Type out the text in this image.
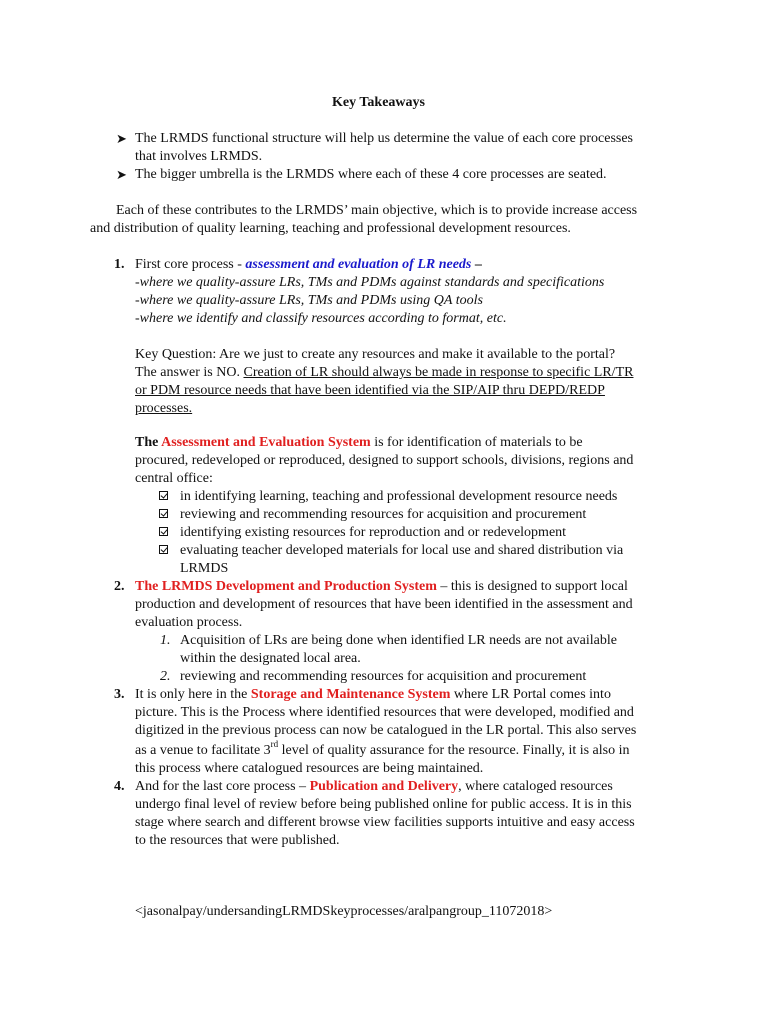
Key Takeaways
➤ The LRMDS functional structure will help us determine the value of each core processes
that involves LRMDS.
➤ The bigger umbrella is the LRMDS where each of these 4 core processes are seated.
Each of these contributes to the LRMDS’ main objective, which is to provide increase access
and distribution of quality learning, teaching and professional development resources.
1. First core process - assessment and evaluation of LR needs –
-where we quality-assure LRs, TMs and PDMs against standards and specifications
-where we quality-assure LRs, TMs and PDMs using QA tools
-where we identify and classify resources according to format, etc.
Key Question: Are we just to create any resources and make it available to the portal?
The answer is NO. Creation of LR should always be made in response to specific LR/TR
or PDM resource needs that have been identified via the SIP/AIP thru DEPD/REDP
processes.
The Assessment and Evaluation System is for identification of materials to be
procured, redeveloped or reproduced, designed to support schools, divisions, regions and
central office:
in identifying learning, teaching and professional development resource needs
reviewing and recommending resources for acquisition and procurement
identifying existing resources for reproduction and or redevelopment
evaluating teacher developed materials for local use and shared distribution via
LRMDS
2. The LRMDS Development and Production System – this is designed to support local
production and development of resources that have been identified in the assessment and
evaluation process.
1. Acquisition of LRs are being done when identified LR needs are not available
within the designated local area.
2. reviewing and recommending resources for acquisition and procurement
3. It is only here in the Storage and Maintenance System where LR Portal comes into
picture. This is the Process where identified resources that were developed, modified and
digitized in the previous process can now be catalogued in the LR portal. This also serves
as a venue to facilitate 3rd level of quality assurance for the resource. Finally, it is also in
this process where catalogued resources are being maintained.
4. And for the last core process – Publication and Delivery, where cataloged resources
undergo final level of review before being published online for public access. It is in this
stage where search and different browse view facilities supports intuitive and easy access
to the resources that were published.
<jasonalpay/undersandingLRMDSkeyprocesses/aralpangroup_11072018>
